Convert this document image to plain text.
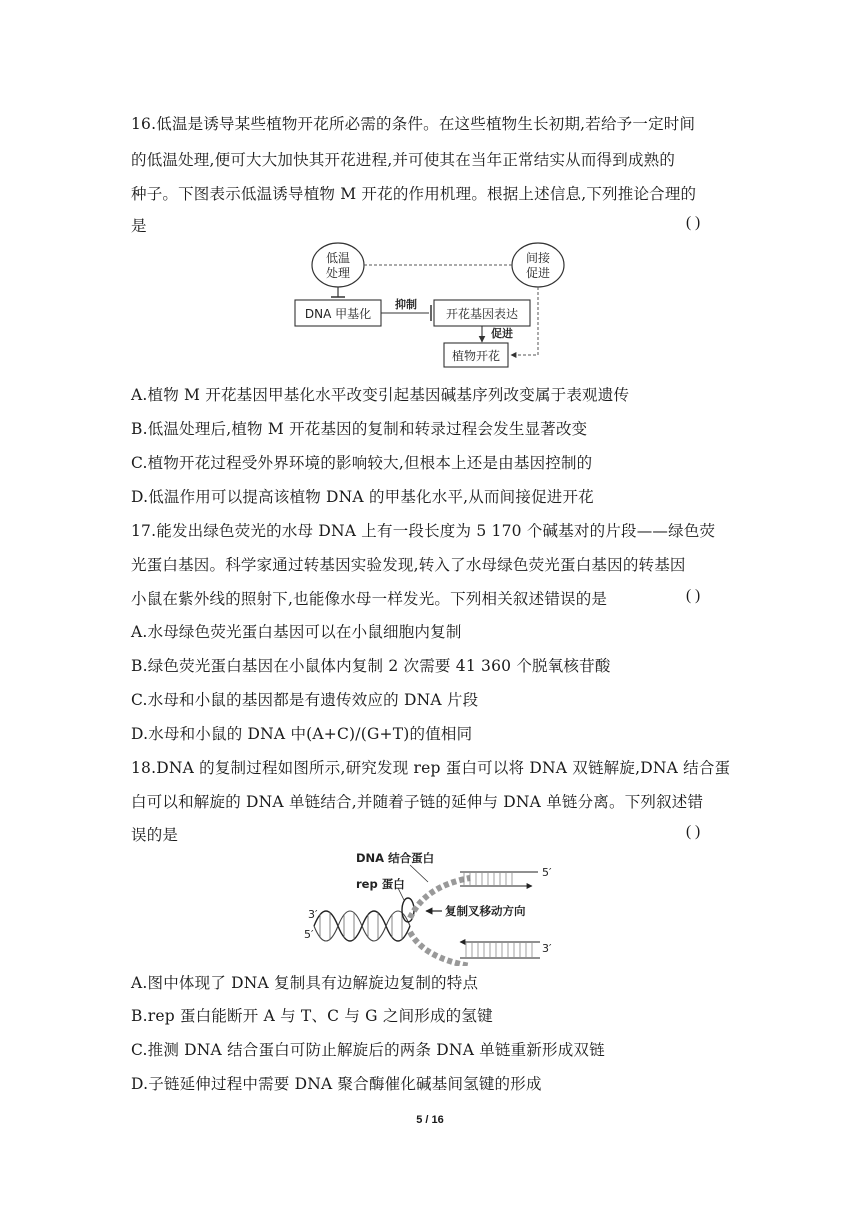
16.低温是诱导某些植物开花所必需的条件。在这些植物生长初期,若给予一定时间
的低温处理,便可大大加快其开花进程,并可使其在当年正常结实从而得到成熟的
种子。下图表示低温诱导植物 M 开花的作用机理。根据上述信息,下列推论合理的
是	( )
低温
处理
间接
促进
DNA 甲基化
抑制
开花基因表达
促进
植物开花
A.植物 M 开花基因甲基化水平改变引起基因碱基序列改变属于表观遗传
B.低温处理后,植物 M 开花基因的复制和转录过程会发生显著改变
C.植物开花过程受外界环境的影响较大,但根本上还是由基因控制的
D.低温作用可以提高该植物 DNA 的甲基化水平,从而间接促进开花
17.能发出绿色荧光的水母 DNA 上有一段长度为 5 170 个碱基对的片段——绿色荧
光蛋白基因。科学家通过转基因实验发现,转入了水母绿色荧光蛋白基因的转基因
小鼠在紫外线的照射下,也能像水母一样发光。下列相关叙述错误的是	( )
A.水母绿色荧光蛋白基因可以在小鼠细胞内复制
B.绿色荧光蛋白基因在小鼠体内复制 2 次需要 41 360 个脱氧核苷酸
C.水母和小鼠的基因都是有遗传效应的 DNA 片段
D.水母和小鼠的 DNA 中(A+C)/(G+T)的值相同
18.DNA 的复制过程如图所示,研究发现 rep 蛋白可以将 DNA 双链解旋,DNA 结合蛋
白可以和解旋的 DNA 单链结合,并随着子链的延伸与 DNA 单链分离。下列叙述错
误的是	( )
DNA 结合蛋白
rep 蛋白
3′
5′
5′
3′
复制叉移动方向
A.图中体现了 DNA 复制具有边解旋边复制的特点
B.rep 蛋白能断开 A 与 T、C 与 G 之间形成的氢键
C.推测 DNA 结合蛋白可防止解旋后的两条 DNA 单链重新形成双链
D.子链延伸过程中需要 DNA 聚合酶催化碱基间氢键的形成
5 / 16
